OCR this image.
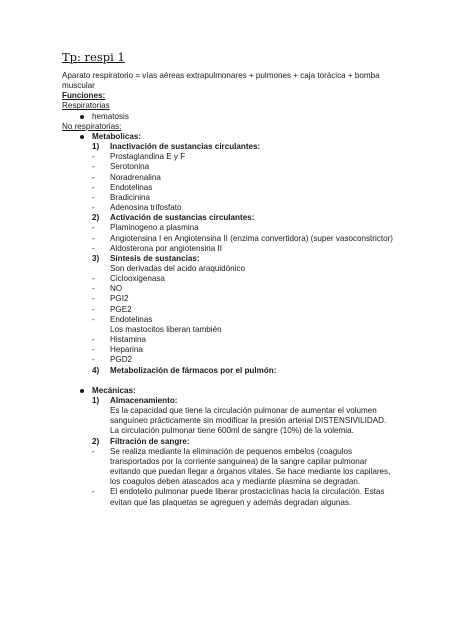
Tp: respi 1
Aparato respiratorio = vías aéreas extrapulmonares + pulmones + caja torácica + bomba muscular
Funciones:
Respiratorias
hematosis
No respiratorias:
Metabolicas:
1) Inactivación de sustancias circulantes:
- Prostaglandina E y F
- Serotonina
- Noradrenalina
- Endotelinas
- Bradicinina
- Adenosina trifosfato
2) Activación de sustancias circulantes:
- Plaminogeno a plasmina
- Angiotensina I en Angiotensina II (enzima convertidora) (super vasoconstrictor)
- Aldosterona por angiotensina II
3) Síntesis de sustancias:
Son derivadas del acido araquidónico
- Ciclooxigenasa
- NO
- PGI2
- PGE2
- Endotelinas
Los mastocitos liberan también
- Histamina
- Heparina
- PGD2
4) Metabolización de fármacos por el pulmón:
Mecánicas:
1) Almacenamiento:
Es la capacidad que tiene la circulación pulmonar de aumentar el volumen sanguíneo prácticamente sin modificar la presión arterial DISTENSIVILIDAD. La circulación pulmonar tiene 600ml de sangre (10%) de la volemia.
2) Filtración de sangre:
- Se realiza mediante la eliminación de pequenos embelos (coagulos transportados por la corriente sanguinea) de la sangre capilar pulmonar evitando que puedan llegar a órganos vitales. Se hace mediante los capilares, los coagulos deben atascados aca y mediante plasmina se degradan.
- El endotelio pulmonar puede liberar prostaciclinas hacia la circulación. Estas evitan que las plaquetas se agreguen y además degradan algunas.
